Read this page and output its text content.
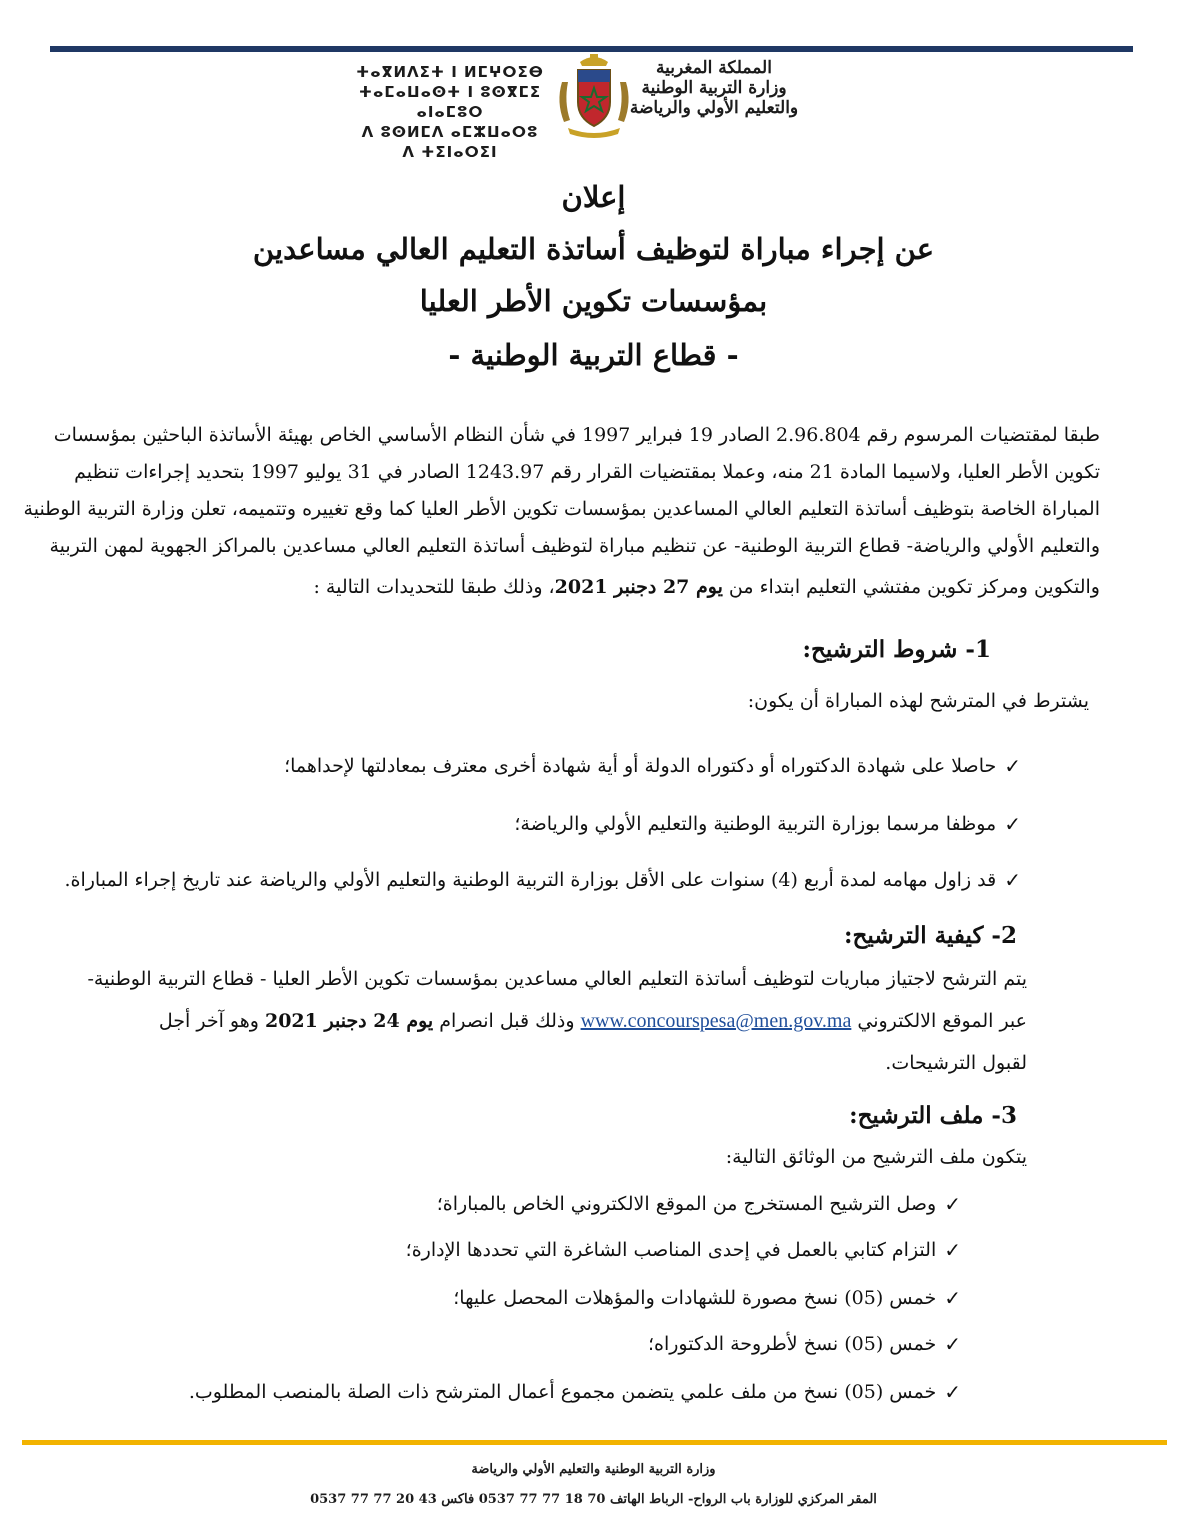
المملكة المغربية
وزارة التربية الوطنية
والتعليم الأولي والرياضة
ⵜⴰⴳⵍⴷⵉⵜ ⵏ ⵍⵎⵖⵔⵉⴱ
ⵜⴰⵎⴰⵡⴰⵙⵜ ⵏ ⵓⵙⴳⵎⵉ ⴰⵏⴰⵎⵓⵔ
ⴷ ⵓⵙⵍⵎⴷ ⴰⵎⵣⵡⴰⵔⵓ ⴷ ⵜⵉⵏⴰⵔⵉⵏ
إعلان
عن إجراء مباراة لتوظيف أساتذة التعليم العالي مساعدين
بمؤسسات تكوين الأطر العليا
- قطاع التربية الوطنية -
طبقا لمقتضيات المرسوم رقم 2.96.804 الصادر 19 فبراير 1997 في شأن النظام الأساسي الخاص بهيئة الأساتذة الباحثين بمؤسسات
تكوين الأطر العليا، ولاسيما المادة 21 منه، وعملا بمقتضيات القرار رقم 1243.97 الصادر في 31 يوليو 1997 بتحديد إجراءات تنظيم
المباراة الخاصة بتوظيف أساتذة التعليم العالي المساعدين بمؤسسات تكوين الأطر العليا كما وقع تغييره وتتميمه، تعلن وزارة التربية الوطنية
والتعليم الأولي والرياضة- قطاع التربية الوطنية- عن تنظيم مباراة لتوظيف أساتذة التعليم العالي مساعدين بالمراكز الجهوية لمهن التربية
والتكوين ومركز تكوين مفتشي التعليم ابتداء من يوم 27 دجنبر 2021، وذلك طبقا للتحديدات التالية :
1- شروط الترشيح:
يشترط في المترشح لهذه المباراة أن يكون:
✓
حاصلا على شهادة الدكتوراه أو دكتوراه الدولة أو أية شهادة أخرى معترف بمعادلتها لإحداهما؛
✓
موظفا مرسما بوزارة التربية الوطنية والتعليم الأولي والرياضة؛
✓
قد زاول مهامه لمدة أربع (4) سنوات على الأقل بوزارة التربية الوطنية والتعليم الأولي والرياضة عند تاريخ إجراء المباراة.
2- كيفية الترشيح:
يتم الترشح لاجتياز مباريات لتوظيف أساتذة التعليم العالي مساعدين بمؤسسات تكوين الأطر العليا - قطاع التربية الوطنية-
عبر الموقع الالكتروني www.concourspesa@men.gov.ma وذلك قبل انصرام يوم 24 دجنبر 2021 وهو آخر أجل
لقبول الترشيحات.
3- ملف الترشيح:
يتكون ملف الترشيح من الوثائق التالية:
✓
وصل الترشيح المستخرج من الموقع الالكتروني الخاص بالمباراة؛
✓
التزام كتابي بالعمل في إحدى المناصب الشاغرة التي تحددها الإدارة؛
✓
خمس (05) نسخ مصورة للشهادات والمؤهلات المحصل عليها؛
✓
خمس (05) نسخ لأطروحة الدكتوراه؛
✓
خمس (05) نسخ من ملف علمي يتضمن مجموع أعمال المترشح ذات الصلة بالمنصب المطلوب.
وزارة التربية الوطنية والتعليم الأولي والرياضة
المقر المركزي للوزارة باب الرواح- الرباط الهاتف 70 18 77 77 0537 فاكس 43 20 77 77 0537
